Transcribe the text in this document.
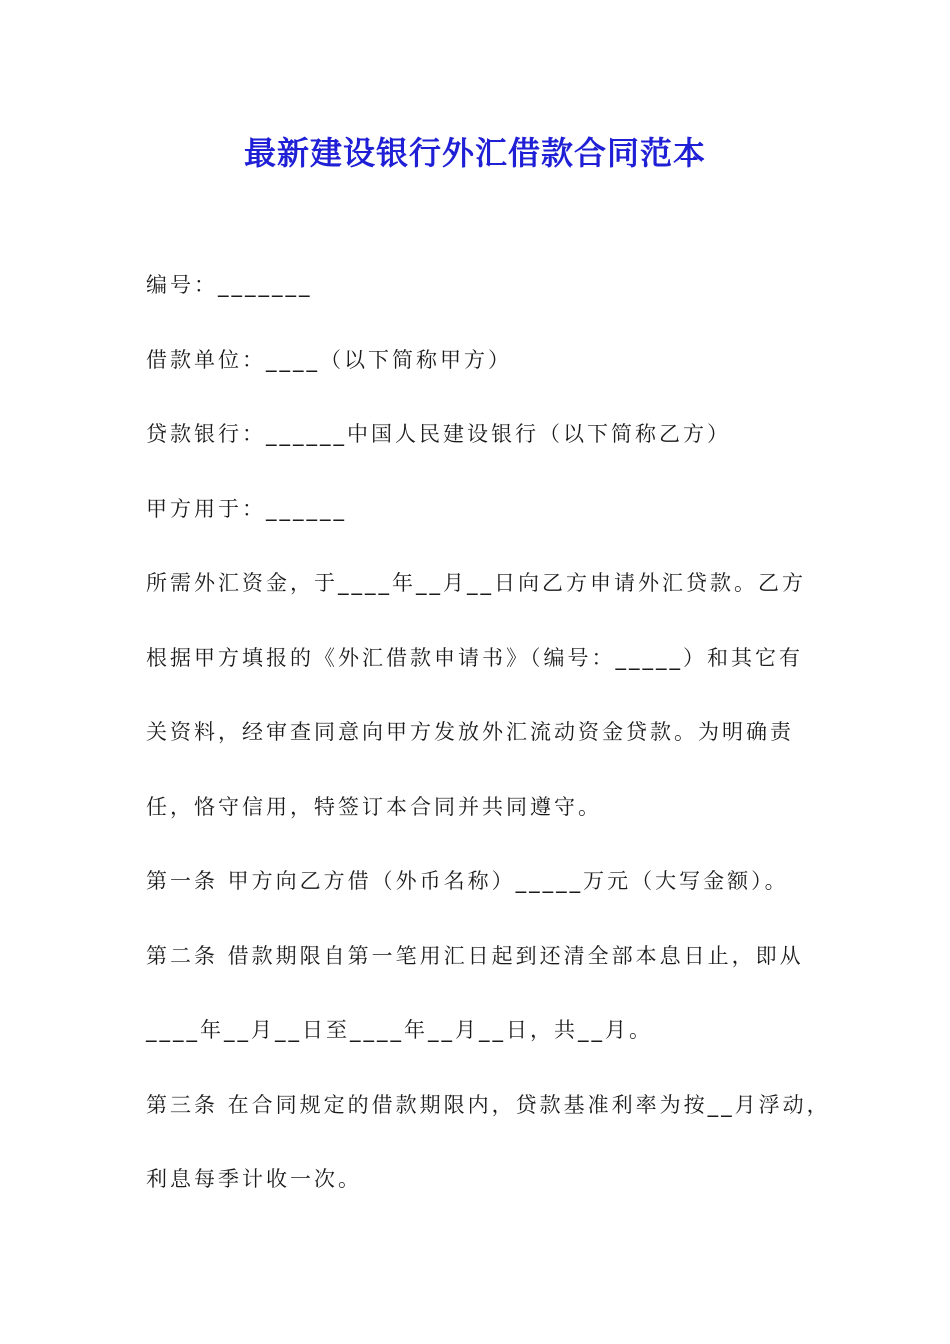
最新建设银行外汇借款合同范本

编号：_______

借款单位：____（以下简称甲方）

贷款银行：______中国人民建设银行（以下简称乙方）

甲方用于：______

所需外汇资金，于____年__月__日向乙方申请外汇贷款。乙方

根据甲方填报的《外汇借款申请书》（编号：_____）和其它有

关资料，经审查同意向甲方发放外汇流动资金贷款。为明确责

任，恪守信用，特签订本合同并共同遵守。

第一条 甲方向乙方借（外币名称）_____万元（大写金额）。

第二条 借款期限自第一笔用汇日起到还清全部本息日止，即从

____年__月__日至____年__月__日，共__月。

第三条 在合同规定的借款期限内，贷款基准利率为按__月浮动，

利息每季计收一次。
